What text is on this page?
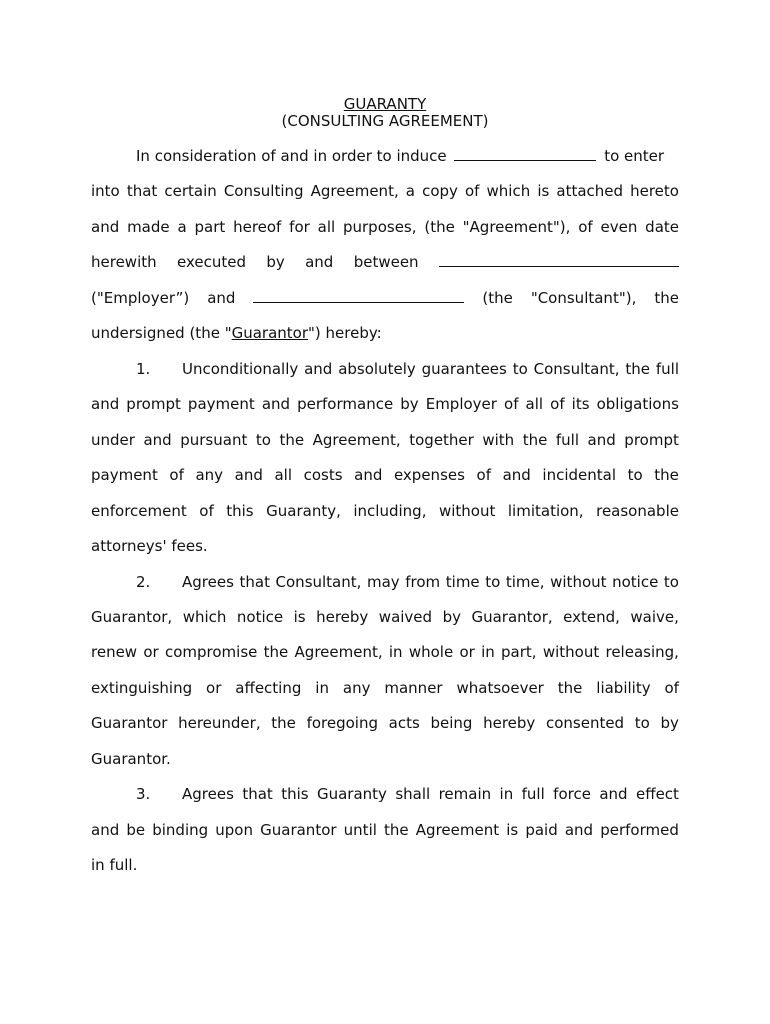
GUARANTY
(CONSULTING AGREEMENT)
In consideration of and in order to induce	to enter
into that certain Consulting Agreement, a copy of which is attached hereto
and made a part hereof for all purposes, (the "Agreement"), of even date
herewith executed by and between
("Employer”) and	(the "Consultant"), the
undersigned (the "Guarantor") hereby:
1.	Unconditionally and absolutely guarantees to Consultant, the full
and prompt payment and performance by Employer of all of its obligations
under and pursuant to the Agreement, together with the full and prompt
payment of any and all costs and expenses of and incidental to the
enforcement of this Guaranty, including, without limitation, reasonable
attorneys' fees.
2.	Agrees that Consultant, may from time to time, without notice to
Guarantor, which notice is hereby waived by Guarantor, extend, waive,
renew or compromise the Agreement, in whole or in part, without releasing,
extinguishing or affecting in any manner whatsoever the liability of
Guarantor hereunder, the foregoing acts being hereby consented to by
Guarantor.
3.	Agrees that this Guaranty shall remain in full force and effect
and be binding upon Guarantor until the Agreement is paid and performed
in full.
